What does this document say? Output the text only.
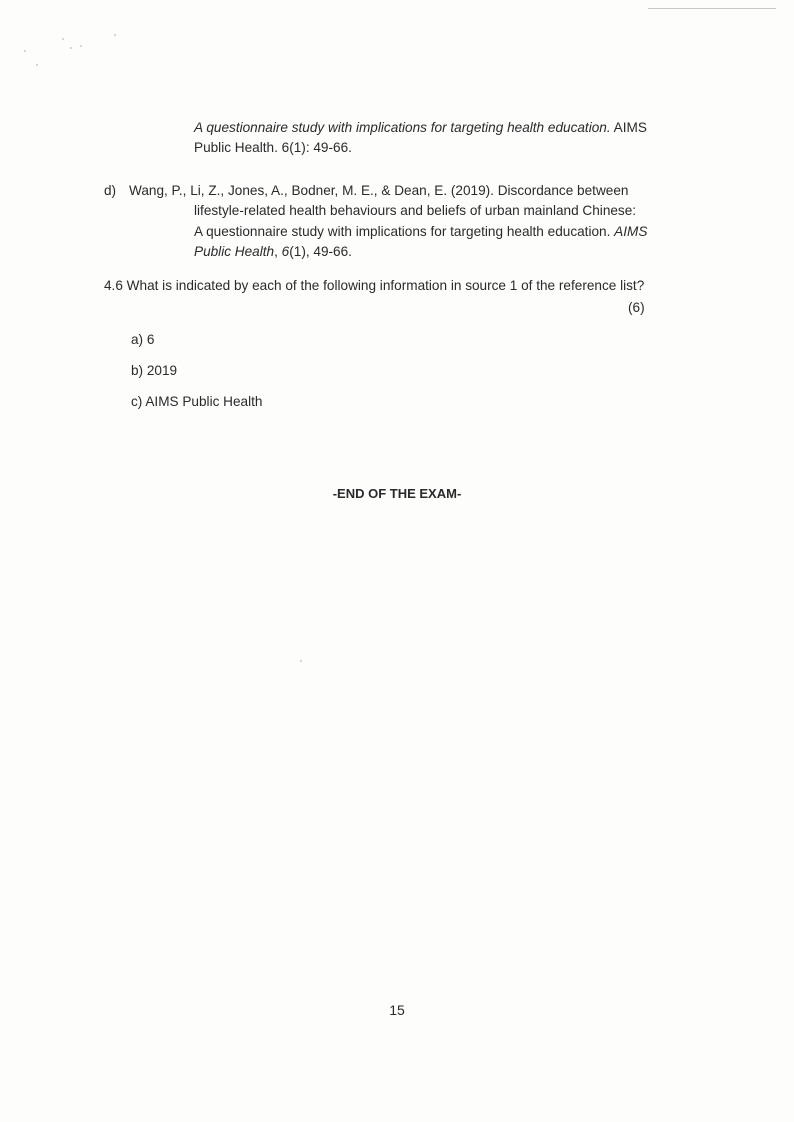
A questionnaire study with implications for targeting health education. AIMS
Public Health. 6(1): 49-66.
d) Wang, P., Li, Z., Jones, A., Bodner, M. E., & Dean, E. (2019). Discordance between
lifestyle-related health behaviours and beliefs of urban mainland Chinese:
A questionnaire study with implications for targeting health education. AIMS
Public Health, 6(1), 49-66.
4.6 What is indicated by each of the following information in source 1 of the reference list?
(6)
a) 6
b) 2019
c) AIMS Public Health
-END OF THE EXAM-
15
